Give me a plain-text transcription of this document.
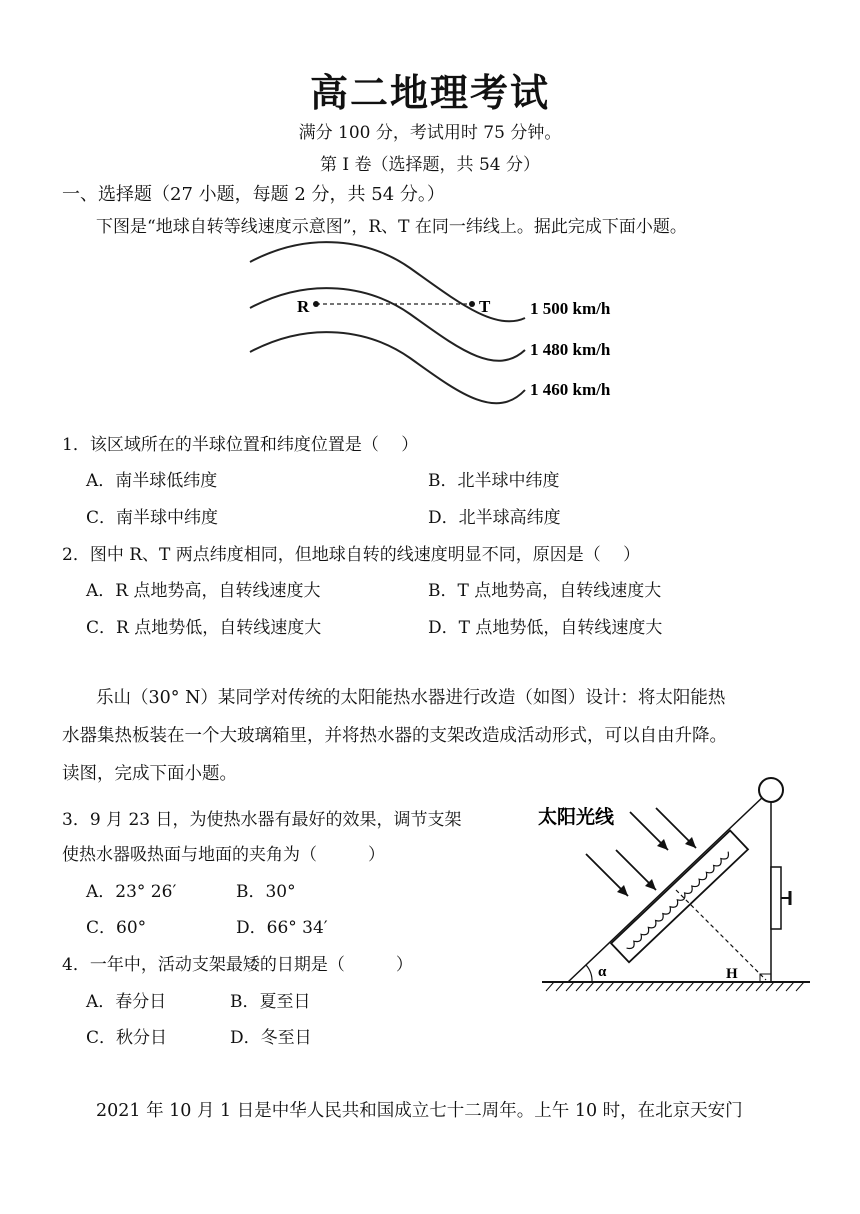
高二地理考试
满分 100 分，考试用时 75 分钟。
第 I 卷（选择题，共 54 分）
一、选择题（27 小题，每题 2 分，共 54 分。）
下图是“地球自转等线速度示意图”，R、T 在同一纬线上。据此完成下面小题。
R	T 1 500 km/h
1 480 km/h
1 460 km/h
1．该区域所在的半球位置和纬度位置是（　 ）
A．南半球低纬度	B．北半球中纬度
C．南半球中纬度	D．北半球高纬度
2．图中 R、T 两点纬度相同，但地球自转的线速度明显不同，原因是（　 ）
A．R 点地势高，自转线速度大	B．T 点地势高，自转线速度大
C．R 点地势低，自转线速度大	D．T 点地势低，自转线速度大
乐山（30° N）某同学对传统的太阳能热水器进行改造（如图）设计：将太阳能热
水器集热板装在一个大玻璃箱里，并将热水器的支架改造成活动形式，可以自由升降。
读图，完成下面小题。
3．9 月 23 日，为使热水器有最好的效果，调节支架
使热水器吸热面与地面的夹角为（　　　）
A．23° 26′	B．30°
C．60°	D．66° 34′
4．一年中，活动支架最矮的日期是（　　　）
A．春分日	B．夏至日
C．秋分日	D．冬至日
太阳光线
α	H
2021 年 10 月 1 日是中华人民共和国成立七十二周年。上午 10 时，在北京天安门
